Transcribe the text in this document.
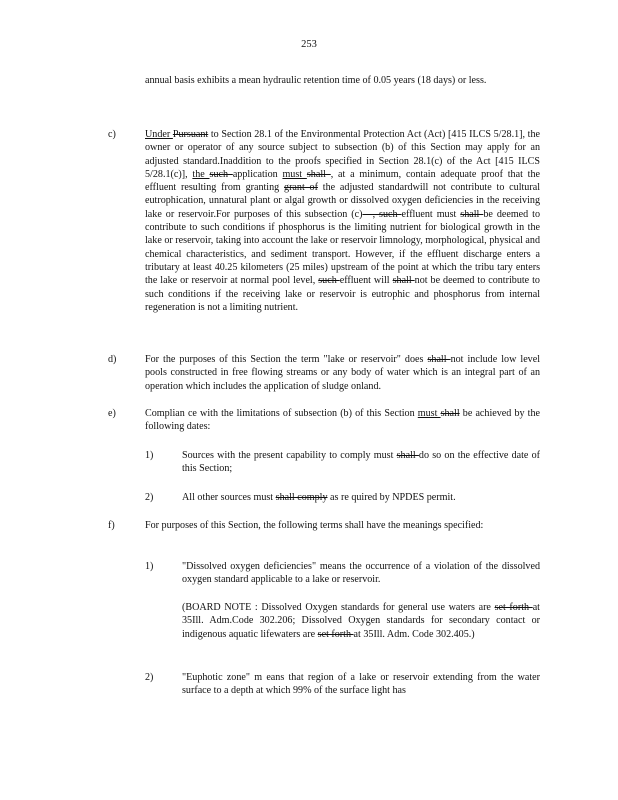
253
annual basis exhibits a mean hydraulic retention time of 0.05 years (18 days) or less.
c)	Under Pursuant to Section 28.1 of the Environmental Protection Act (Act) [415 ILCS 5/28.1], the owner or operator of any source subject to subsection (b) of this Section may apply for an adjusted standard.Inaddition to the proofs specified in Section 28.1(c) of the Act [415 ILCS 5/28.1(c)], the such application must shall , at a minimum, contain adequate proof that the effluent resulting from granting grant of the adjusted standardwill not contribute to cultural eutrophication, unnatural plant or algal growth or dissolved oxygen deficiencies in the receiving lake or reservoir.For purposes of this subsection (c)—, such effluent must shall be deemed to contribute to such conditions if phosphorus is the limiting nutrient for biological growth in the lake or reservoir, taking into account the lake or reservoir limnology, morphological, physical and chemical characteristics, and sediment transport. However, if the effluent discharge enters a tributary at least 40.25 kilometers (25 miles) upstream of the point at which the tribu tary enters the lake or reservoir at normal pool level, such effluent will shall not be deemed to contribute to such conditions if the receiving lake or reservoir is eutrophic and phosphorus from internal regeneration is not a limiting nutrient.
d)	For the purposes of this Section the term "lake or reservoir" does shall not include low level pools constructed in free flowing streams or any body of water which is an integral part of an operation which includes the application of sludge onland.
e)	Complian ce with the limitations of subsection (b) of this Section must shall be achieved by the following dates:
1)	Sources with the present capability to comply must shall do so on the effective date of this Section;
2)	All other sources must shall comply as re quired by NPDES permit.
f)	For purposes of this Section, the following terms shall have the meanings specified:
1)	"Dissolved oxygen deficiencies" means the occurrence of a violation of the dissolved oxygen standard applicable to a lake or reservoir.
(BOARD NOTE : Dissolved Oxygen standards for general use waters are set forth at 35Ill. Adm.Code 302.206; Dissolved Oxygen standards for secondary contact or indigenous aquatic lifewaters are set forth at 35Ill. Adm. Code 302.405.)
2)	"Euphotic zone" m eans that region of a lake or reservoir extending from the water surface to a depth at which 99% of the surface light has
